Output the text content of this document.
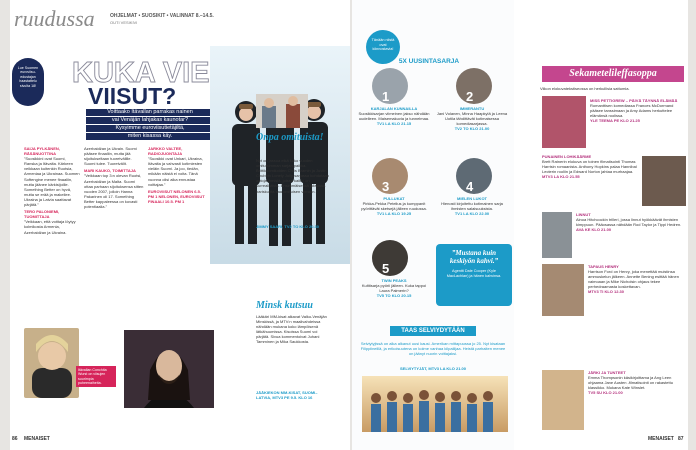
ruudussa	OHJELMAT • SUOSIKIT • VALINNAT 8.–14.5.
OUTI VESIKIVI
Lue Suomen euroviisu-edustajan haastattelu sivulta 18! KUKA VIE
VIISUT?
Voittaako Itävallan parrakas nainen
vai Venäjän lahjakas kaunotar?
Kysyimme euroviisutietäjiltä,
miten kisassa käy.
SAIJA PYLKÄNEN,
RÄSÄNUOTTINA
”Suosikkini ovat Suomi, Ranska ja Itävalta. Kärkeen veikkaan kuitenkin Ruotsia, Armeniaa ja Ukrainaa. Suomen Softengine menee finaaliin, mutta jäänee kärkisijoille. Something Better on hyvä, mutta se erää ja makeilee. Ukraina ja Latvia saattavat pärjätä.”
TERO PALONIEMI,
TUOMITTAJA
”Veikkaan, että voittaja löytyy kolmikosta Armenia, Azerbaidžan ja Ukraina.
Azerbaidžan ja Ukrain. Suomi pääsee finaaliin, mutta jää sijoitukseltaan tuoretvälille. Suomi tulee. Tuoretvälit.
MARI KAUKO, TOIMITTAJA
”Veikkaan top 3:n olevan Ruotsi, Azerbaidžan ja Malta. Suomi ottaa parhaan sijoituksensa sitten vuoden 2007, jolloin Hanna Pakarinen oli 17. Something Better kappaleessa on kovasti potentiaalia.”
JARKKO VALTEE,
RADIOJUONTAJA
”Suosikki ovat Unkari, Ukraina, Itävalta ja vahvasti kotimiesten vieläin Suomi. Ja joo, tiedän, mikään näistä ei voita. Tänä vuonna olisi aika ennustaa voittajaa.”
EUROVIISUT NELONEN 6.5. PM 1 NELONEN, EUROVIISUT FINAALI 10.5. PM 1
Itävallan Conchita Wurst on viisujen suurimpia puheenaiheita.
86 MENAISET
Onpa omituista!
Nyt on jassoa eikä koko vuoden omituisimman sarjan paikka. Brittikoomikoiden Chris Bramin ja Justin Chubbin Lonely Jolly-sarjassa kohdataan outoja ihmisiä, joissa kaikki on surrealistista. Ensimmäisessä jaksossa pariskunta saa omituisen vieraan.
JIMMY SAARI, TV2 TO KLO 20.30
Minsk kutsuu
Lääkäri MM-kisat alkavat Valko-Venäjän Minskissä, ja MTV:n maalivahdeissa nähdään mukana koko lämpöisenä lätkähuumissa. Kisoissa Suomi voi pärjätä. Sivua kommentoivat Juhani Tamminen ja Mika Saukkosta.
JÄÄKIEKON MM-KISAT, SUOMI–LATVIA, MTV3 PE 9.5. KLO 16
Tänään niistä ovat kiinnostavia!
5X UUSINTASARJA
1
KARJALAN KUNNAILLA
Suosikkisarjan viimeinen jakso nähdään uudelleen. Maisemakuvia ja tunnelmaa.
TV1 LA KLO 21.15
2
IMMERANTU
Jani Volanen, Minna Haapkylä ja Leena Uotila tähdittävät kotimaisessa komediasarjassa.
TV2 TO KLO 21.00
3
PULLUKAT
Pirkka-Pekka Petelius ja kumppanit pyörittävät sketsejä jälleen ruudussa.
TV1 LA KLO 19.25
4
MIELEN LUKOT
Hienosti kirjoitettu kotimainen sarja ihmisten salaisuuksista.
TV1 LA KLO 22.00
5
TWIN PEAKS
Kulttisarja pyörii jälleen. Kuka tappoi Laura Palmerin?
TV5 TO KLO 20.15
”Mustana kuin keskiyön kahvi.”
Agentti Dale Cooper (Kyle MacLachlan) ja hänen kahvinsa.
TAAS SELVIYDYTÄÄN
Selviytyjissä on alka alkanut uusi kausi. Amerikan mittapuussa jo 25. Nyt kisataan Filippiineillä, ja erikoisuutena on kolme vanhaa kilpailijaa. Heistä parhaiten menee on jäänyt nuorin voittajaksi.
SELVIYTYJÄT, MTV3 LA KLO 21.00
Sekametelileffasoppa
Viikon elokuvatekstiseossa on herkullisia sattumia.
MISS PETTIGREW – PÄIVÄ TÄYNNÄ ELÄMÄÄ
Romanttisen komediassa Frances McDormand pääsee tanssimaan ja Amy Adams herkuttelee elämänsä roolissa.
YLE TEEMA PE KLO 21.25
PUNAINEN LOHIKÄÄRME
Brett Ratnerin elokuva on toinen filmatisointi Thomas Harrisin romaanista. Anthony Hopkins palaa Hannibal Lecterin rooliin ja Edward Norton jahtaa murhaajaa.
MTV3 LA KLO 21.55
LINNUT
Ainoa Hitchcockin trilleri, jossa linnut hyökkäävät ihmisten kimppuun. Pääosassa nähdään Rod Taylor ja Tippi Hedren.
AVA KE KLO 21.00
TAPAUS HENRY
Harrison Ford on Henry, joka menettää muistinsa ammuskelun jälkeen. Annette Bening esittää hänen vaimoaan ja Mike Nicholsin ohjaus tekee perhedraamasta koskettavan.
MTV3 TI KLO 12.30
JÄRKI JA TUNTEET
Emma Thompsonin käsikirjoittama ja Ang Leen ohjaama Jane Austen -filmatisointi on rakastettu klassikko. Mukana Kate Winslet.
TV5 SU KLO 21.00
MENAISET 87
